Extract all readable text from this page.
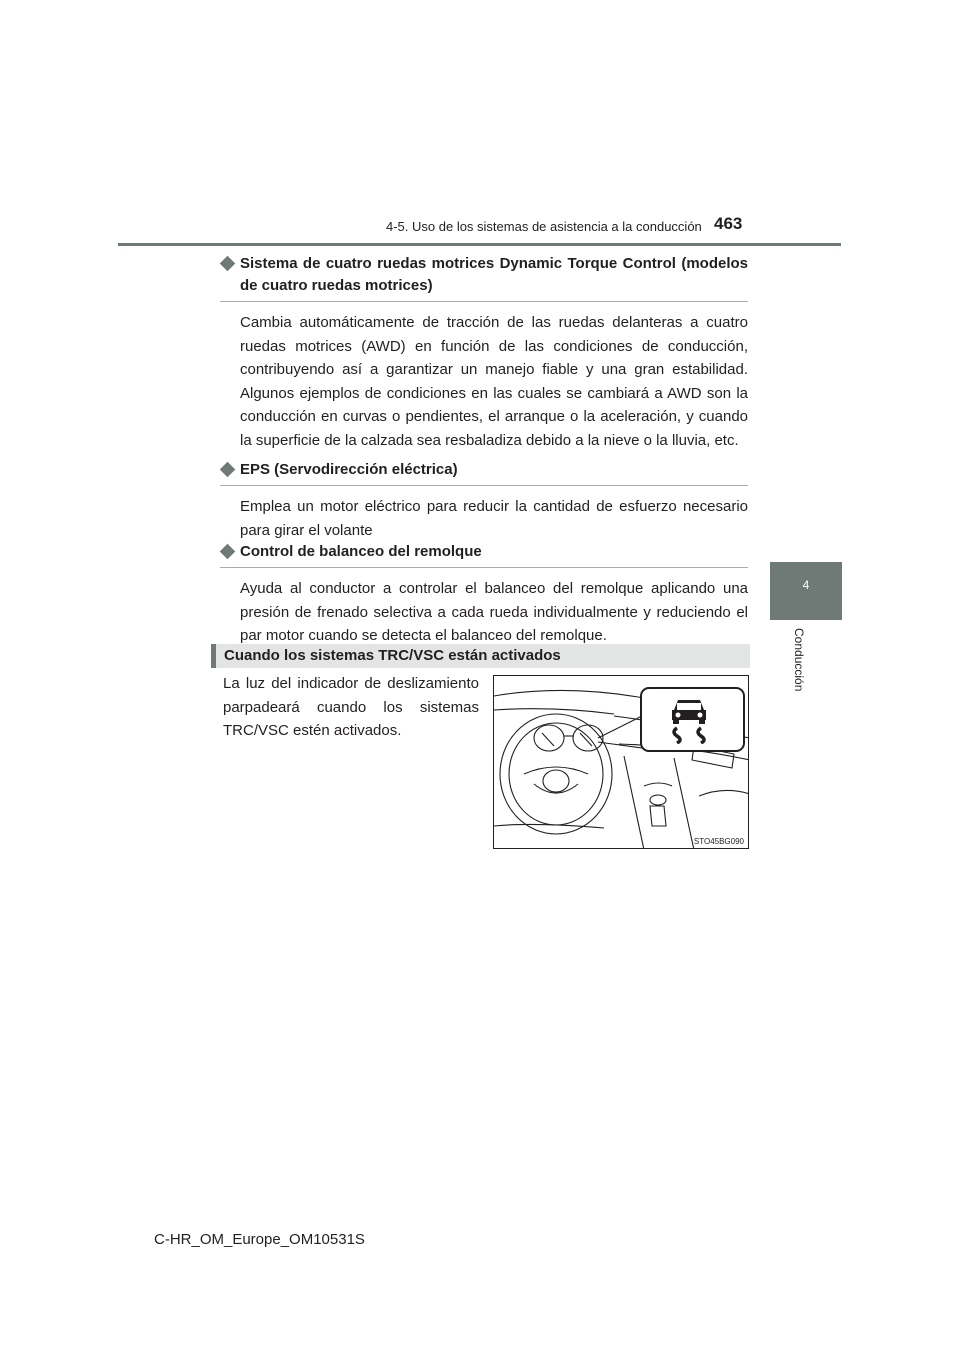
4-5. Uso de los sistemas de asistencia a la conducción 463
4
Conducción
Sistema de cuatro ruedas motrices Dynamic Torque Control (modelos de cuatro ruedas motrices)
Cambia automáticamente de tracción de las ruedas delanteras a cuatro ruedas motrices (AWD) en función de las condiciones de conducción, contribuyendo así a garantizar un manejo fiable y una gran estabilidad. Algunos ejemplos de condiciones en las cuales se cambiará a AWD son la conducción en curvas o pendientes, el arranque o la aceleración, y cuando la superficie de la calzada sea resbaladiza debido a la nieve o la lluvia, etc.
EPS (Servodirección eléctrica)
Emplea un motor eléctrico para reducir la cantidad de esfuerzo necesario para girar el volante
Control de balanceo del remolque
Ayuda al conductor a controlar el balanceo del remolque aplicando una presión de frenado selectiva a cada rueda individualmente y reduciendo el par motor cuando se detecta el balanceo del remolque.
Cuando los sistemas TRC/VSC están activados
La luz del indicador de deslizamiento parpadeará cuando los sistemas TRC/VSC estén activados.
STO45BG090
C-HR_OM_Europe_OM10531S
